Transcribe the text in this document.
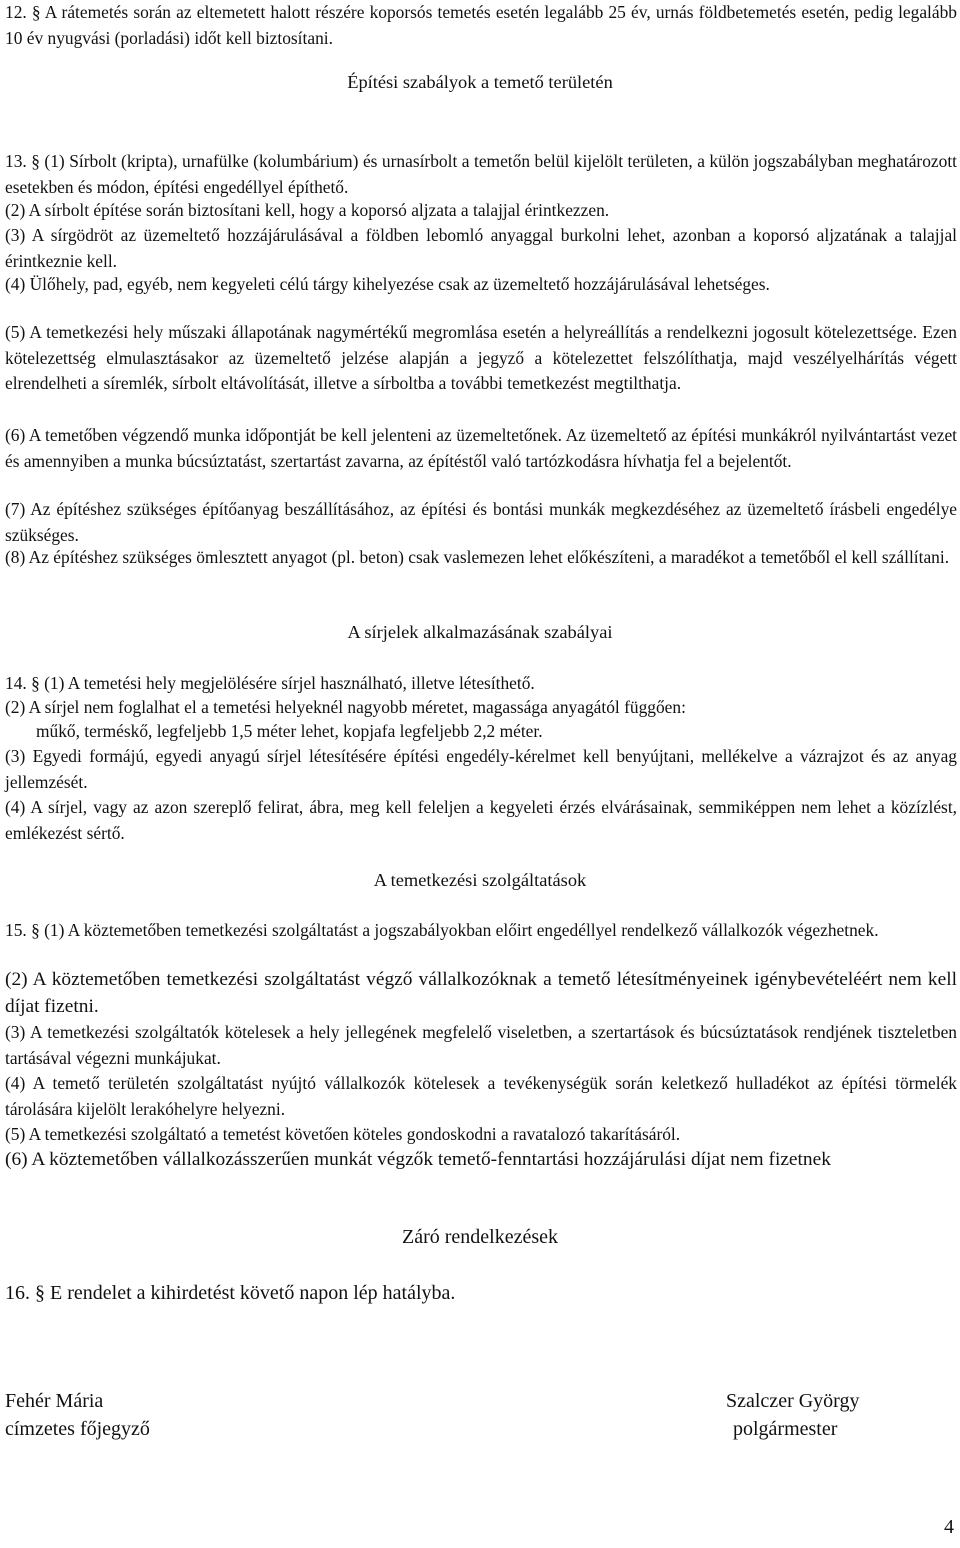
12. § A rátemetés során az eltemetett halott részére koporsós temetés esetén legalább 25 év, urnás földbetemetés esetén, pedig legalább 10 év nyugvási (porladási) időt kell biztosítani.

Építési szabályok a temető területén

13. § (1) Sírbolt (kripta), urnafülke (kolumbárium) és urnasírbolt a temetőn belül kijelölt területen, a külön jogszabályban meghatározott esetekben és módon, építési engedéllyel építhető.

(2) A sírbolt építése során biztosítani kell, hogy a koporsó aljzata a talajjal érintkezzen.

(3) A sírgödröt az üzemeltető hozzájárulásával a földben lebomló anyaggal burkolni lehet, azonban a koporsó aljzatának a talajjal érintkeznie kell.

(4) Ülőhely, pad, egyéb, nem kegyeleti célú tárgy kihelyezése csak az üzemeltető hozzájárulásával lehetséges.

(5) A temetkezési hely műszaki állapotának nagymértékű megromlása esetén a helyreállítás a rendelkezni jogosult kötelezettsége. Ezen kötelezettség elmulasztásakor az üzemeltető jelzése alapján a jegyző a kötelezettet felszólíthatja, majd veszélyelhárítás végett elrendelheti a síremlék, sírbolt eltávolítását, illetve a sírboltba a további temetkezést megtilthatja.

(6) A temetőben végzendő munka időpontját be kell jelenteni az üzemeltetőnek. Az üzemeltető az építési munkákról nyilvántartást vezet és amennyiben a munka búcsúztatást, szertartást zavarna, az építéstől való tartózkodásra hívhatja fel a bejelentőt.

(7) Az építéshez szükséges építőanyag beszállításához, az építési és bontási munkák megkezdéséhez az üzemeltető írásbeli engedélye szükséges.

(8) Az építéshez szükséges ömlesztett anyagot (pl. beton) csak vaslemezen lehet előkészíteni, a maradékot a temetőből el kell szállítani.

A sírjelek alkalmazásának szabályai

14. § (1) A temetési hely megjelölésére sírjel használható, illetve létesíthető.

(2) A sírjel nem foglalhat el a temetési helyeknél nagyobb méretet, magassága anyagától függően:

műkő, terméskő, legfeljebb 1,5 méter lehet, kopjafa legfeljebb 2,2 méter.

(3) Egyedi formájú, egyedi anyagú sírjel létesítésére építési engedély-kérelmet kell benyújtani, mellékelve a vázrajzot és az anyag jellemzését.

(4) A sírjel, vagy az azon szereplő felirat, ábra, meg kell feleljen a kegyeleti érzés elvárásainak, semmiképpen nem lehet a közízlést, emlékezést sértő.

A temetkezési szolgáltatások

15. § (1) A köztemetőben temetkezési szolgáltatást a jogszabályokban előirt engedéllyel rendelkező vállalkozók végezhetnek.

(2) A köztemetőben temetkezési szolgáltatást végző vállalkozóknak a temető létesítményeinek igénybevételéért nem kell díjat fizetni.

(3) A temetkezési szolgáltatók kötelesek a hely jellegének megfelelő viseletben, a szertartások és búcsúztatások rendjének tiszteletben tartásával végezni munkájukat.

(4) A temető területén szolgáltatást nyújtó vállalkozók kötelesek a tevékenységük során keletkező hulladékot az építési törmelék tárolására kijelölt lerakóhelyre helyezni.

(5) A temetkezési szolgáltató a temetést követően köteles gondoskodni a ravatalozó takarításáról.

(6) A köztemetőben vállalkozásszerűen munkát végzők temető-fenntartási hozzájárulási díjat nem fizetnek

Záró rendelkezések

16. § E rendelet a kihirdetést követő napon lép hatályba.

Fehér Mária

címzetes főjegyző

Szalczer György

polgármester

4
